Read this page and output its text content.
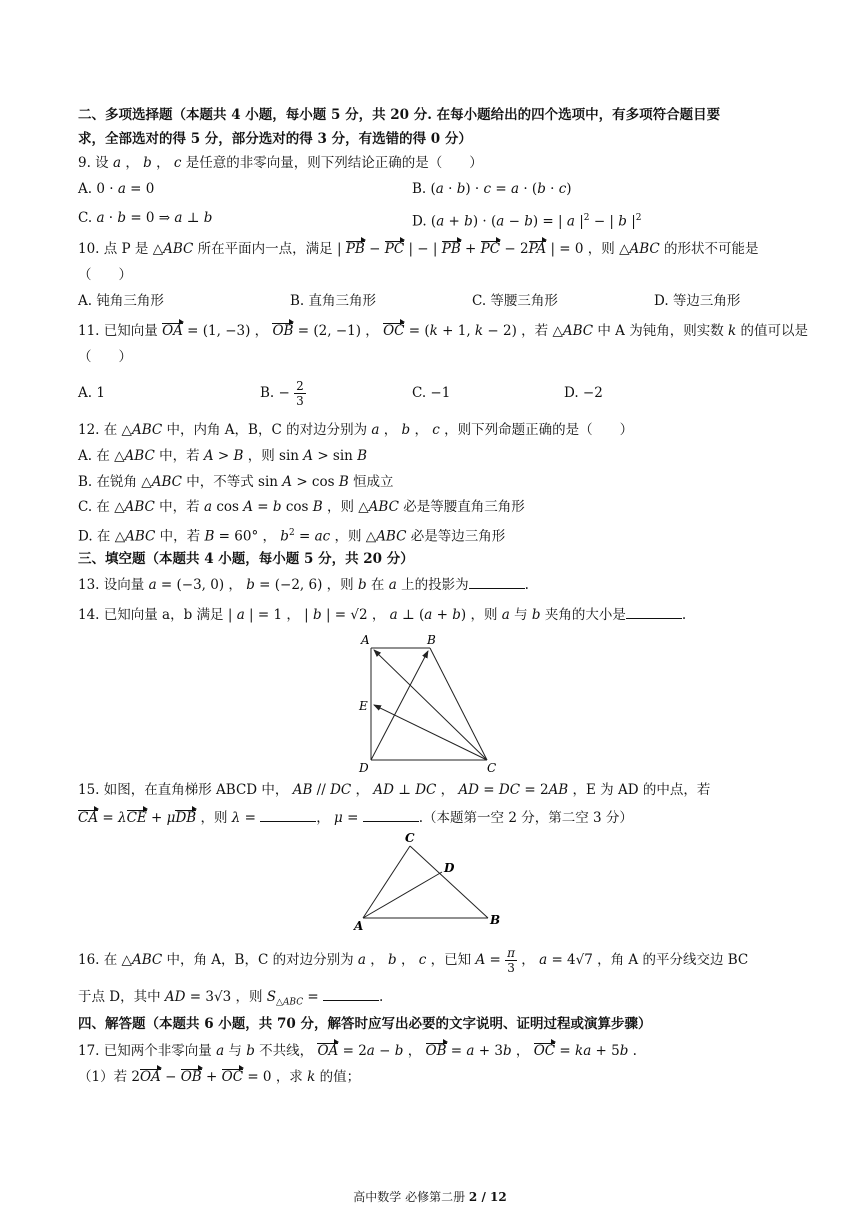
二、多项选择题（本题共 4 小题，每小题 5 分，共 20 分. 在每小题给出的四个选项中，有多项符合题目要
求，全部选对的得 5 分，部分选对的得 3 分，有选错的得 0 分）
9. 设 a ， b ， c 是任意的非零向量，则下列结论正确的是（　　）
A. 0 · a = 0	B. (a · b) · c = a · (b · c)
C. a · b = 0 ⇒ a ⊥ b	D. (a + b) · (a − b) = | a $|^2$ − | b $|^2$
10. 点 P 是 △ABC 所在平面内一点，满足 | PB − PC | − | PB + PC − 2PA | = 0 ，则 △ABC 的形状不可能是
（　　）
A. 钝角三角形	B. 直角三角形	C. 等腰三角形	D. 等边三角形
11. 已知向量 OA = (1, −3) ， OB = (2, −1) ， OC = (k + 1, k − 2) ，若 △ABC 中 A 为钝角，则实数 k 的值可以是
（　　）
A. 1	B. − $\frac{2}{3}$	C. −1	D. −2
12. 在 △ABC 中，内角 A，B，C 的对边分别为 a ， b ， c ，则下列命题正确的是（　　）
A. 在 △ABC 中，若 A > B ，则 sin A > sin B
B. 在锐角 △ABC 中，不等式 sin A > cos B 恒成立
C. 在 △ABC 中，若 a cos A = b cos B ，则 △ABC 必是等腰直角三角形
D. 在 △ABC 中，若 B = 60° ， $b^2$ = ac ，则 △ABC 必是等边三角形
三、填空题（本题共 4 小题，每小题 5 分，共 20 分）
13. 设向量 a = (−3, 0) ， b = (−2, 6) ，则 b 在 a 上的投影为	.
14. 已知向量 a，b 满足 | a | = 1 ， | b | = √2 ， a ⊥ (a + b) ，则 a 与 b 夹角的大小是	.
A	B
E
D	C
15. 如图，在直角梯形 ABCD 中， AB // DC ， AD ⊥ DC ， AD = DC = 2AB ，E 为 AD 的中点，若
CA = λCE + μDB ，则 λ =	， μ =	.（本题第一空 2 分，第二空 3 分）
C
D
A	B
16. 在 △ABC 中，角 A，B，C 的对边分别为 a ， b ， c ，已知 $A = \frac{\pi}{3}$ ， a = 4√7 ，角 A 的平分线交边 BC
于点 D，其中 AD = 3√3 ，则 $S_{\triangle ABC}$ =	.
四、解答题（本题共 6 小题，共 70 分，解答时应写出必要的文字说明、证明过程或演算步骤）
17. 已知两个非零向量 a 与 b 不共线， OA = 2a − b ， OB = a + 3b ， OC = ka + 5b .
（1）若 2OA − OB + OC = 0 ，求 k 的值；
高中数学 必修第二册 2 / 12
